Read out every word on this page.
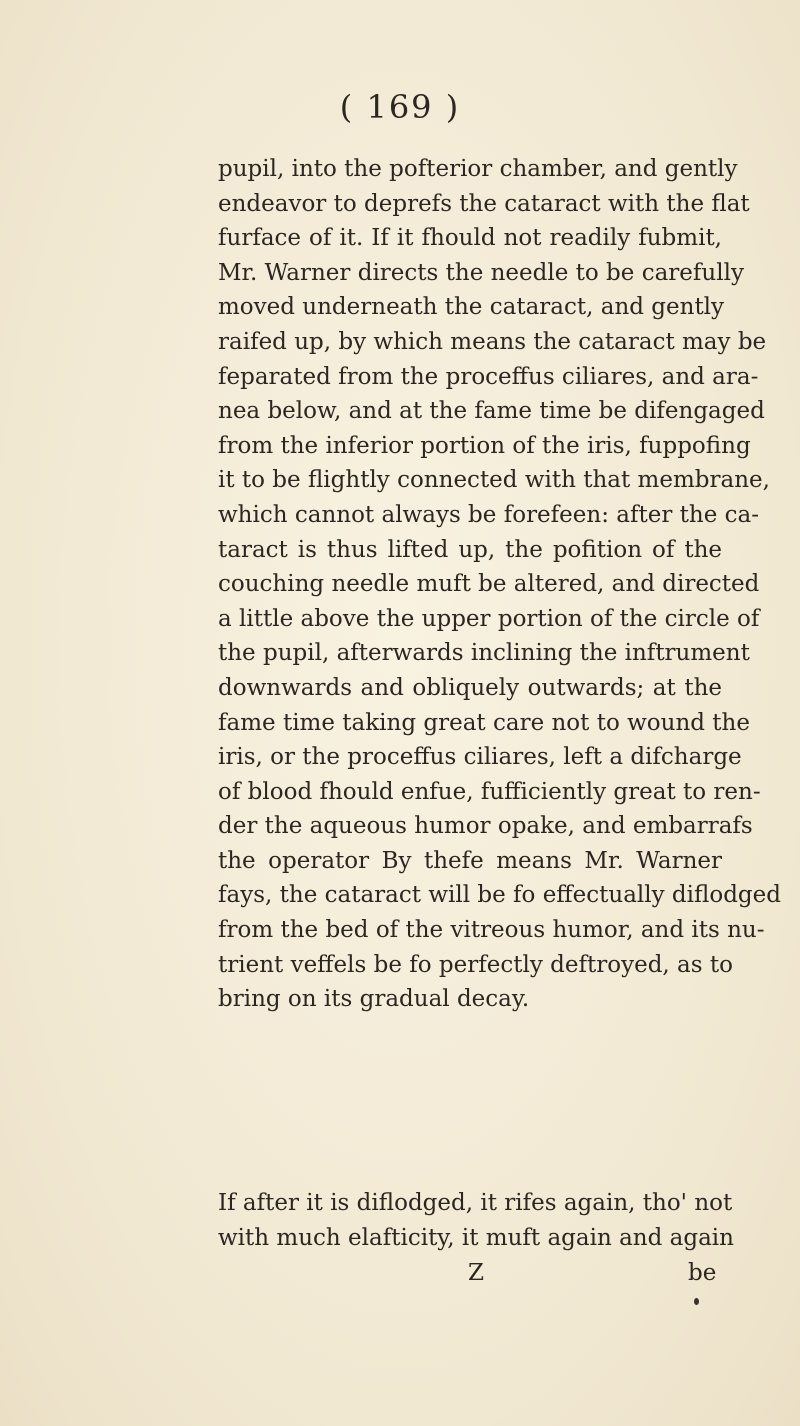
( 169 )
pupil, into the pofterior chamber, and gently
endeavor to deprefs the cataract with the flat
furface of it. If it fhould not readily fubmit,
Mr. Warner directs the needle to be carefully
moved underneath the cataract, and gently
raifed up, by which means the cataract may be
feparated from the proceffus ciliares, and ara-
nea below, and at the fame time be difengaged
from the inferior portion of the iris, fuppofing
it to be flightly connected with that membrane,
which cannot always be forefeen: after the ca-
taract is thus lifted up, the pofition of the
couching needle muft be altered, and directed
a little above the upper portion of the circle of
the pupil, afterwards inclining the inftrument
downwards and obliquely outwards; at the
fame time taking great care not to wound the
iris, or the proceffus ciliares, left a difcharge
of blood fhould enfue, fufficiently great to ren-
der the aqueous humor opake, and embarrafs
the operator By thefe means Mr. Warner
fays, the cataract will be fo effectually diflodged
from the bed of the vitreous humor, and its nu-
trient veffels be fo perfectly deftroyed, as to
bring on its gradual decay.
If after it is diflodged, it rifes again, tho' not
with much elafticity, it muft again and again
Z	be
